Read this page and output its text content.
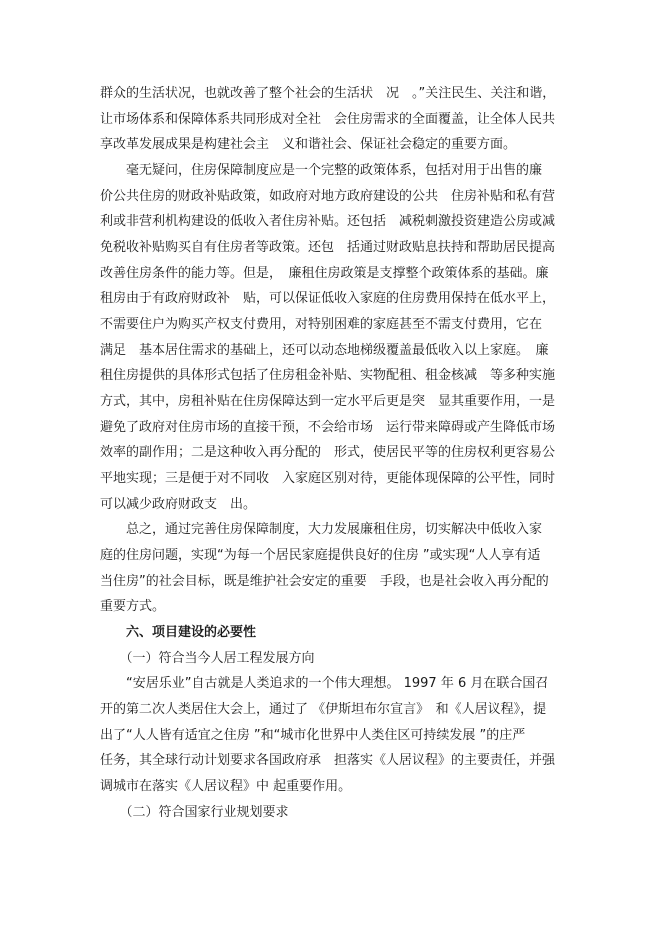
群众的生活状况，也就改善了整个社会的生活状　况　。”关注民生、关注和谐，
让市场体系和保障体系共同形成对全社　会住房需求的全面覆盖，让全体人民共
享改革发展成果是构建社会主　义和谐社会、保证社会稳定的重要方面。
　　毫无疑问，住房保障制度应是一个完整的政策体系，包括对用于出售的廉
价公共住房的财政补贴政策，如政府对地方政府建设的公共　住房补贴和私有营
利或非营利机构建设的低收入者住房补贴。还包括　减税刺激投资建造公房或减
免税收补贴购买自有住房者等政策。还包　括通过财政贴息扶持和帮助居民提高
改善住房条件的能力等。但是，　廉租住房政策是支撑整个政策体系的基础。廉
租房由于有政府财政补　贴，可以保证低收入家庭的住房费用保持在低水平上，
不需要住户为购买产权支付费用，对特别困难的家庭甚至不需支付费用，它在
满足　基本居住需求的基础上，还可以动态地梯级覆盖最低收入以上家庭。　廉
租住房提供的具体形式包括了住房租金补贴、实物配租、租金核减　等多种实施
方式，其中，房租补贴在住房保障达到一定水平后更是突　显其重要作用，一是
避免了政府对住房市场的直接干预，不会给市场　运行带来障碍或产生降低市场
效率的副作用；二是这种收入再分配的　形式，使居民平等的住房权利更容易公
平地实现；三是便于对不同收　入家庭区别对待，更能体现保障的公平性，同时
可以减少政府财政支　出。
　　总之，通过完善住房保障制度，大力发展廉租住房，切实解决中低收入家
庭的住房问题，实现“为每一个居民家庭提供良好的住房 ”或实现“人人享有适
当住房”的社会目标，既是维护社会安定的重要　手段，也是社会收入再分配的
重要方式。
　　六、项目建设的必要性
　　（一）符合当今人居工程发展方向
　　“安居乐业”自古就是人类追求的一个伟大理想。 1997 年 6 月在联合国召
开的第二次人类居住大会上，通过了 《伊斯坦布尔宣言》　和《人居议程》，提
出了“人人皆有适宜之住房 ”和“城市化世界中人类住区可持续发展 ”的庄严
任务，其全球行动计划要求各国政府承　担落实《人居议程》的主要责任，并强
调城市在落实《人居议程》中 起重要作用。
　　（二）符合国家行业规划要求
